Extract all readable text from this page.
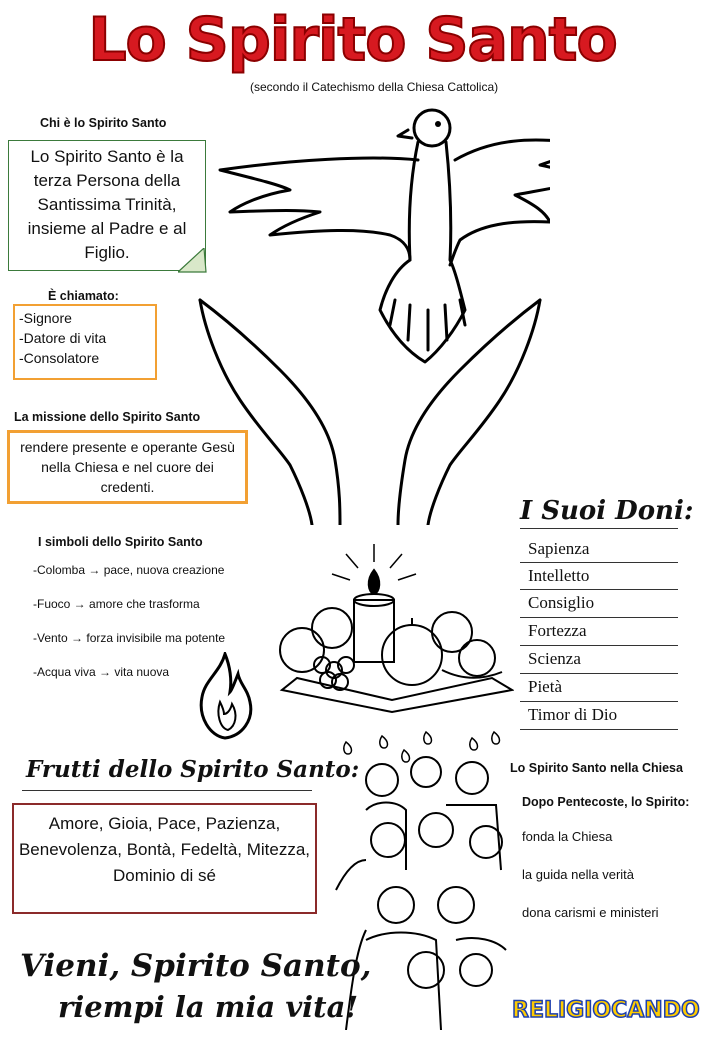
Lo Spirito Santo
(secondo il Catechismo della Chiesa Cattolica)
Chi è lo Spirito Santo
Lo Spirito Santo è la terza Persona della Santissima Trinità, insieme al Padre e al Figlio.
È chiamato:
-Signore
-Datore di vita
-Consolatore
La missione dello Spirito Santo
rendere presente e operante Gesù nella Chiesa e nel cuore dei credenti.
I simboli dello Spirito Santo
-Colomba → pace, nuova creazione
-Fuoco → amore che trasforma
-Vento → forza invisibile ma potente
-Acqua viva → vita nuova
I Suoi Doni:
Sapienza
Intelletto
Consiglio
Fortezza
Scienza
Pietà
Timor di Dio
Frutti dello Spirito Santo:
Amore, Gioia, Pace, Pazienza, Benevolenza, Bontà, Fedeltà, Mitezza, Dominio di sé
Lo Spirito Santo nella Chiesa
Dopo Pentecoste, lo Spirito:
fonda la Chiesa
la guida nella verità
dona carismi e ministeri
Vieni, Spirito Santo,
riempi la mia vita!	RELIGIOCANDO
